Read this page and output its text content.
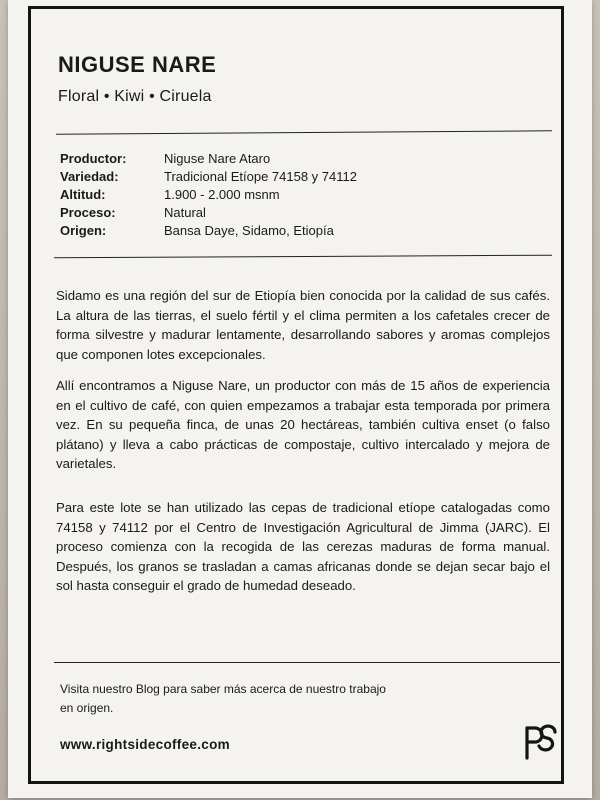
NIGUSE NARE
Floral • Kiwi • Ciruela
Productor:	Niguse Nare Ataro
Variedad:	Tradicional Etíope 74158 y 74112
Altitud:	1.900 - 2.000 msnm
Proceso:	Natural
Origen:	Bansa Daye, Sidamo, Etiopía

Sidamo es una región del sur de Etiopía bien conocida por la calidad de sus cafés. La altura de las tierras, el suelo fértil y el clima permiten a los cafetales crecer de forma silvestre y madurar lentamente, desarrollando sabores y aromas complejos que componen lotes excepcionales.

Allí encontramos a Niguse Nare, un productor con más de 15 años de experiencia en el cultivo de café, con quien empezamos a trabajar esta temporada por primera vez. En su pequeña finca, de unas 20 hectáreas, también cultiva enset (o falso plátano) y lleva a cabo prácticas de compostaje, cultivo intercalado y mejora de varietales.

Para este lote se han utilizado las cepas de tradicional etíope catalogadas como 74158 y 74112 por el Centro de Investigación Agricultural de Jimma (JARC). El proceso comienza con la recogida de las cerezas maduras de forma manual. Después, los granos se trasladan a camas africanas donde se dejan secar bajo el sol hasta conseguir el grado de humedad deseado.

Visita nuestro Blog para saber más acerca de nuestro trabajo en origen.
www.rightsidecoffee.com
